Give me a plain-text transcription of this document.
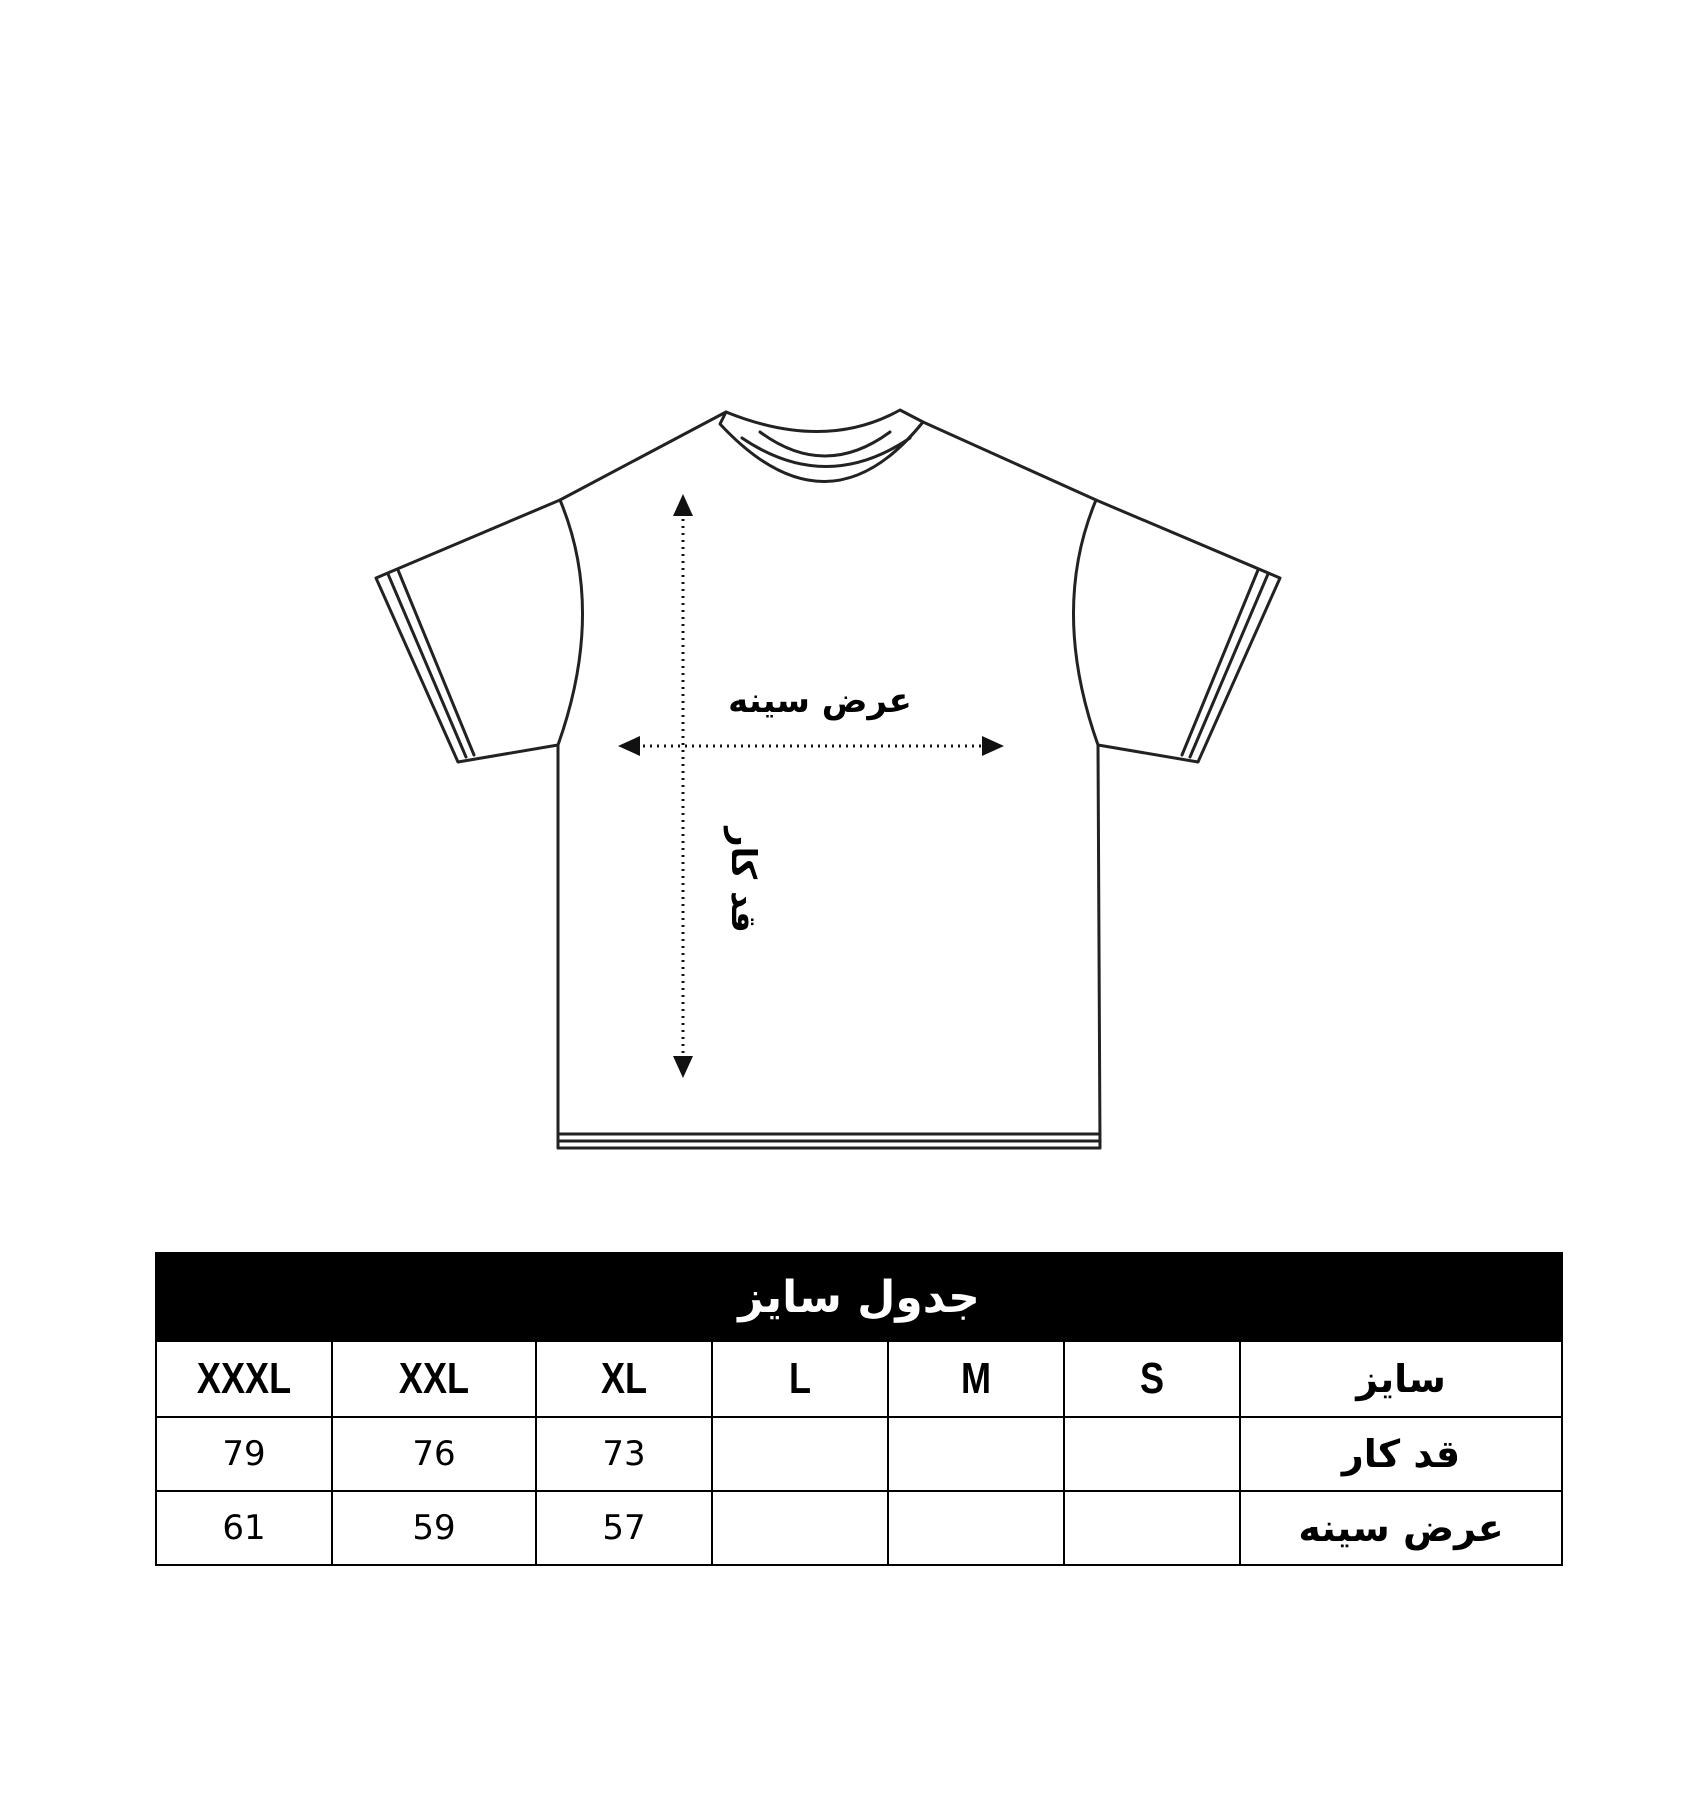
عرض سینه
قد کار
جدول سایز						
XXXL	XXL	XL	L	M	S	سایز
79	76	73				قد کار
61	59	57				عرض سینه
